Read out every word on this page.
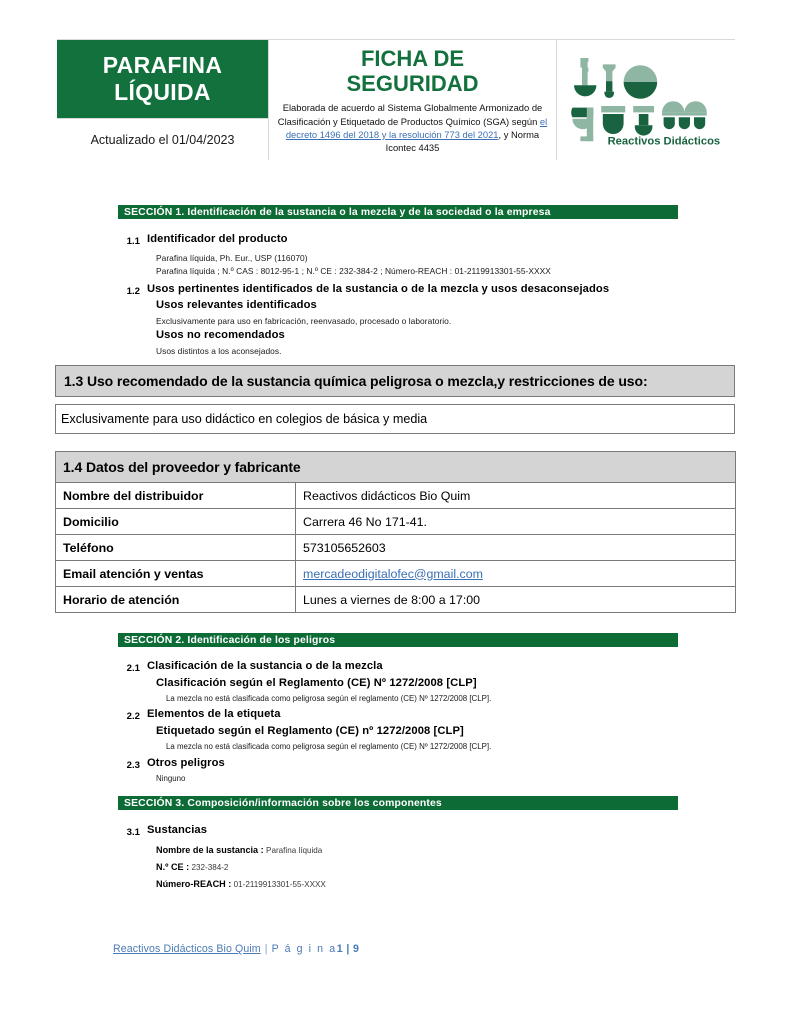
PARAFINA
LÍQUIDA
Actualizado el 01/04/2023
FICHA DE
SEGURIDAD
Elaborada de acuerdo al Sistema Globalmente Armonizado de Clasificación y Etiquetado de Productos Químico (SGA) según el decreto 1496 del 2018 y la resolución 773 del 2021, y Norma Icontec 4435
Reactivos Didácticos
SECCIÓN 1. Identificación de la sustancia o la mezcla y de la sociedad o la empresa
1.1 Identificador del producto
Parafina líquida, Ph. Eur., USP (116070)
Parafina líquida ; N.º CAS : 8012-95-1 ; N.º CE : 232-384-2 ; Número-REACH : 01-2119913301-55-XXXX
1.2 Usos pertinentes identificados de la sustancia o de la mezcla y usos desaconsejados
Usos relevantes identificados
Exclusivamente para uso en fabricación, reenvasado, procesado o laboratorio.
Usos no recomendados
Usos distintos a los aconsejados.
1.3 Uso recomendado de la sustancia química peligrosa o mezcla,y restricciones de uso:
Exclusivamente para uso didáctico en colegios de básica y media
1.4 Datos del proveedor y fabricante	
Nombre del distribuidor	Reactivos didácticos Bio Quim
Domicilio	Carrera 46 No 171-41.
Teléfono	573105652603
Email atención y ventas	mercadeodigitalofec@gmail.com
Horario de atención	Lunes a viernes de 8:00 a 17:00
SECCIÓN 2. Identificación de los peligros
2.1 Clasificación de la sustancia o de la mezcla
Clasificación según el Reglamento (CE) Nº 1272/2008 [CLP]
La mezcla no está clasificada como peligrosa según el reglamento (CE) Nº 1272/2008 [CLP].
2.2 Elementos de la etiqueta
Etiquetado según el Reglamento (CE) nº 1272/2008 [CLP]
La mezcla no está clasificada como peligrosa según el reglamento (CE) Nº 1272/2008 [CLP].
2.3 Otros peligros
Ninguno
SECCIÓN 3. Composición/información sobre los componentes
3.1 Sustancias
Nombre de la sustancia : Parafina líquida
N.º CE : 232-384-2
Número-REACH : 01-2119913301-55-XXXX
Reactivos Didácticos Bio Quim | P á g i n a1 | 9
